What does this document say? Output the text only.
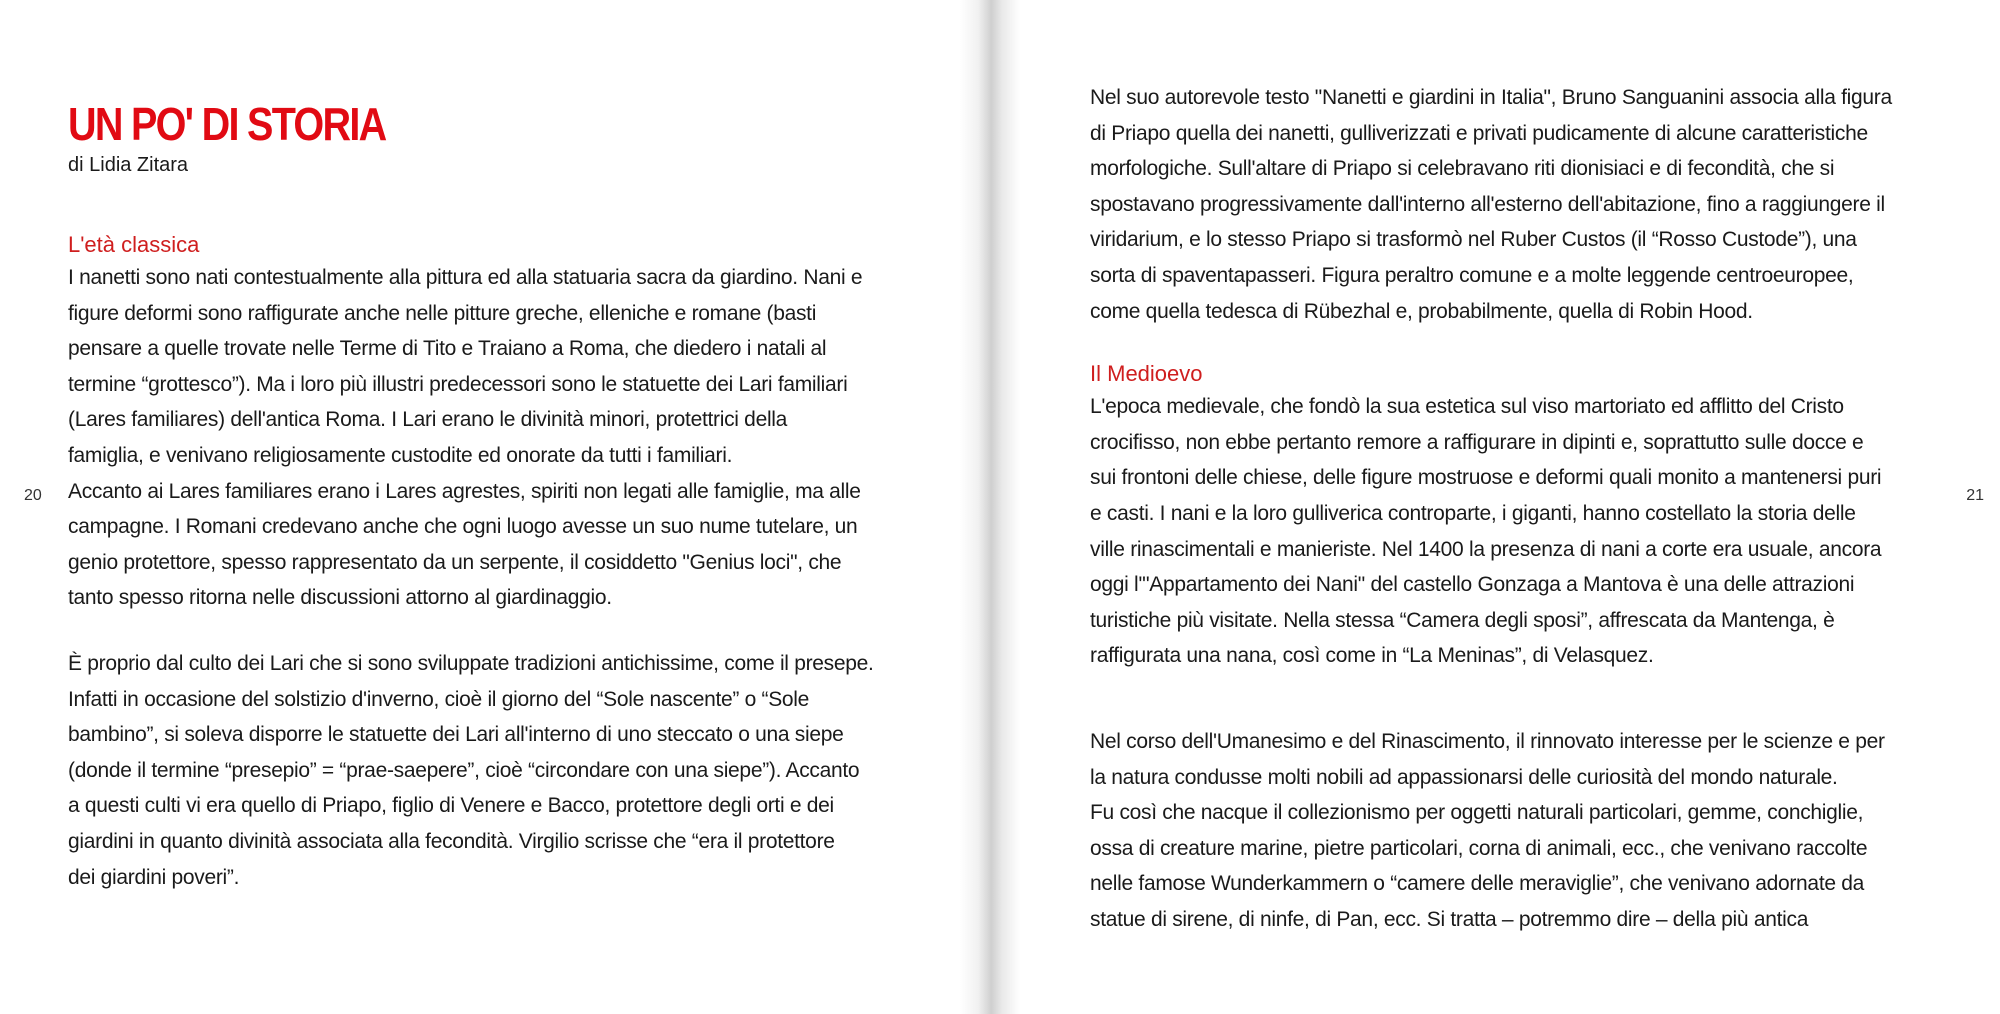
20
UN PO' DI STORIA
di Lidia Zitara
L'età classica

I nanetti sono nati contestualmente alla pittura ed alla statuaria sacra da giardino. Nani e
figure deformi sono raffigurate anche nelle pitture greche, elleniche e romane (basti
pensare a quelle trovate nelle Terme di Tito e Traiano a Roma, che diedero i natali al
termine “grottesco”). Ma i loro più illustri predecessori sono le statuette dei Lari familiari
(Lares familiares) dell'antica Roma. I Lari erano le divinità minori, protettrici della
famiglia, e venivano religiosamente custodite ed onorate da tutti i familiari.
Accanto ai Lares familiares erano i Lares agrestes, spiriti non legati alle famiglie, ma alle
campagne. I Romani credevano anche che ogni luogo avesse un suo nume tutelare, un
genio protettore, spesso rappresentato da un serpente, il cosiddetto "Genius loci", che
tanto spesso ritorna nelle discussioni attorno al giardinaggio.

È proprio dal culto dei Lari che si sono sviluppate tradizioni antichissime, come il presepe.
Infatti in occasione del solstizio d'inverno, cioè il giorno del “Sole nascente” o “Sole
bambino”, si soleva disporre le statuette dei Lari all'interno di uno steccato o una siepe
(donde il termine “presepio” = “prae-saepere”, cioè “circondare con una siepe”). Accanto
a questi culti vi era quello di Priapo, figlio di Venere e Bacco, protettore degli orti e dei
giardini in quanto divinità associata alla fecondità. Virgilio scrisse che “era il protettore
dei giardini poveri”.

21

Nel suo autorevole testo "Nanetti e giardini in Italia", Bruno Sanguanini associa alla figura
di Priapo quella dei nanetti, gulliverizzati e privati pudicamente di alcune caratteristiche
morfologiche. Sull'altare di Priapo si celebravano riti dionisiaci e di fecondità, che si
spostavano progressivamente dall'interno all'esterno dell'abitazione, fino a raggiungere il
viridarium, e lo stesso Priapo si trasformò nel Ruber Custos (il “Rosso Custode”), una
sorta di spaventapasseri. Figura peraltro comune e a molte leggende centroeuropee,
come quella tedesca di Rübezhal e, probabilmente, quella di Robin Hood.

Il Medioevo

L'epoca medievale, che fondò la sua estetica sul viso martoriato ed afflitto del Cristo
crocifisso, non ebbe pertanto remore a raffigurare in dipinti e, soprattutto sulle docce e
sui frontoni delle chiese, delle figure mostruose e deformi quali monito a mantenersi puri
e casti. I nani e la loro gulliverica controparte, i giganti, hanno costellato la storia delle
ville rinascimentali e manieriste. Nel 1400 la presenza di nani a corte era usuale, ancora
oggi l'"Appartamento dei Nani" del castello Gonzaga a Mantova è una delle attrazioni
turistiche più visitate. Nella stessa “Camera degli sposi”, affrescata da Mantenga, è
raffigurata una nana, così come in “La Meninas”, di Velasquez.

Nel corso dell'Umanesimo e del Rinascimento, il rinnovato interesse per le scienze e per
la natura condusse molti nobili ad appassionarsi delle curiosità del mondo naturale.
Fu così che nacque il collezionismo per oggetti naturali particolari, gemme, conchiglie,
ossa di creature marine, pietre particolari, corna di animali, ecc., che venivano raccolte
nelle famose Wunderkammern o “camere delle meraviglie”, che venivano adornate da
statue di sirene, di ninfe, di Pan, ecc. Si tratta – potremmo dire – della più antica
